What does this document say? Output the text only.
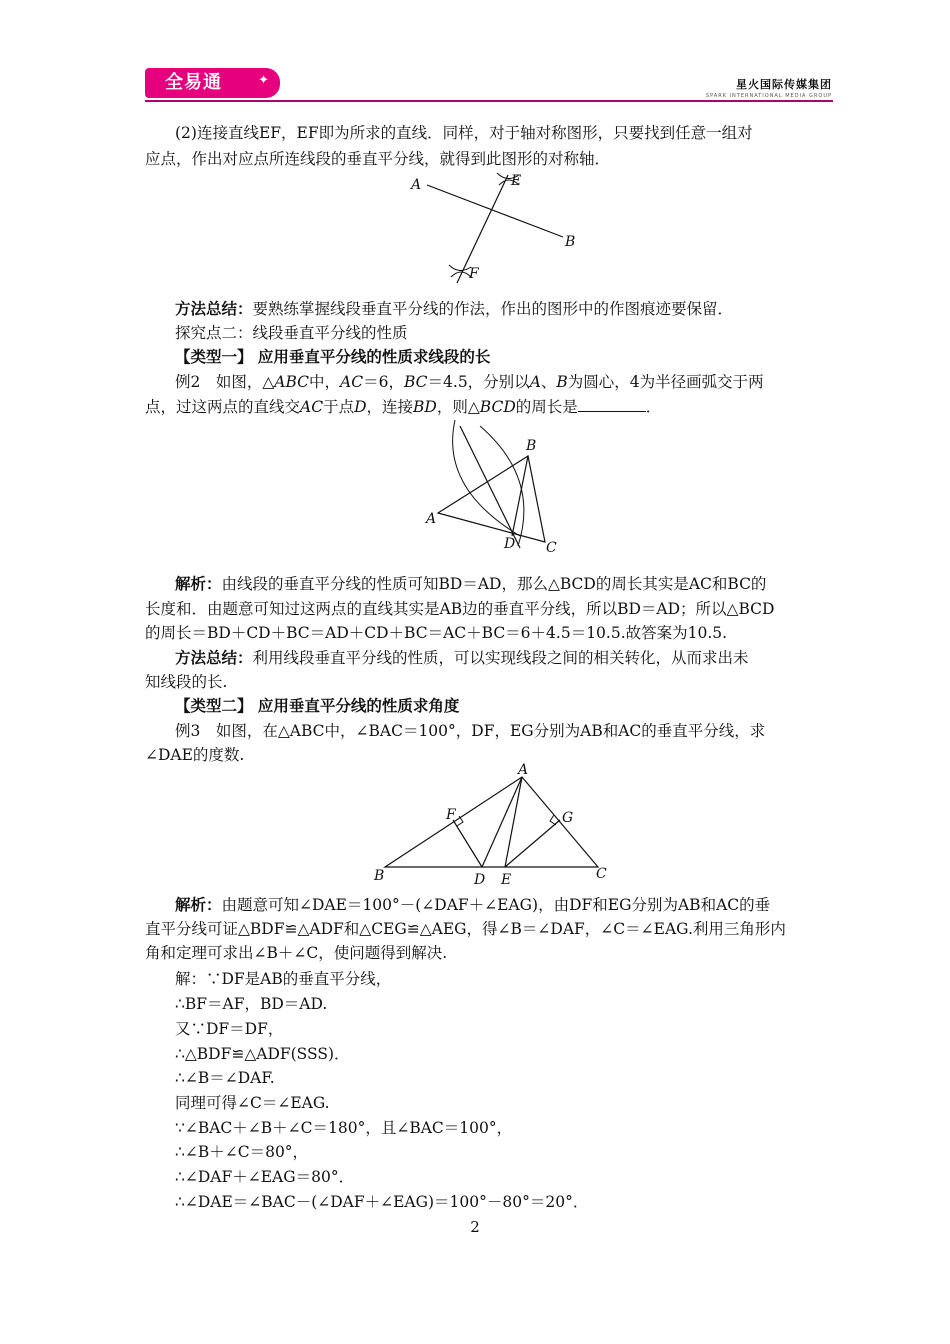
全易通	✦	星火国际传媒集团
SPARK INTERNATIONAL MEDIA GROUP
(2)连接直线EF，EF即为所求的直线．同样，对于轴对称图形，只要找到任意一组对
应点，作出对应点所连线段的垂直平分线，就得到此图形的对称轴．
A
B
E
F
方法总结：要熟练掌握线段垂直平分线的作法，作出的图形中的作图痕迹要保留．
探究点二：线段垂直平分线的性质
【类型一】 应用垂直平分线的性质求线段的长
例2　如图，△ABC中，AC＝6，BC＝4.5，分别以A、B为圆心，4为半径画弧交于两
点，过这两点的直线交AC于点D，连接BD，则△BCD的周长是	．
A
B
C
D
解析：由线段的垂直平分线的性质可知BD＝AD，那么△BCD的周长其实是AC和BC的
长度和．由题意可知过这两点的直线其实是AB边的垂直平分线，所以BD＝AD；所以△BCD
的周长＝BD＋CD＋BC＝AD＋CD＋BC＝AC＋BC＝6＋4.5＝10.5.故答案为10.5.
方法总结：利用线段垂直平分线的性质，可以实现线段之间的相关转化，从而求出未
知线段的长.
【类型二】 应用垂直平分线的性质求角度
例3　如图，在△ABC中，∠BAC＝100°，DF，EG分别为AB和AC的垂直平分线，求
∠DAE的度数.
A
B	C
D E
F	G
解析：由题意可知∠DAE＝100°－(∠DAF＋∠EAG)，由DF和EG分别为AB和AC的垂
直平分线可证△BDF≌△ADF和△CEG≌△AEG，得∠B＝∠DAF，∠C＝∠EAG.利用三角形内
角和定理可求出∠B＋∠C，使问题得到解决.
解：∵DF是AB的垂直平分线，
∴BF＝AF，BD＝AD.
又∵DF＝DF，
∴△BDF≌△ADF(SSS)．
∴∠B＝∠DAF.
同理可得∠C＝∠EAG.
∵∠BAC＋∠B＋∠C＝180°，且∠BAC＝100°，
∴∠B＋∠C＝80°，
∴∠DAF＋∠EAG＝80°．
∴∠DAE＝∠BAC－(∠DAF＋∠EAG)＝100°－80°＝20°．
2
